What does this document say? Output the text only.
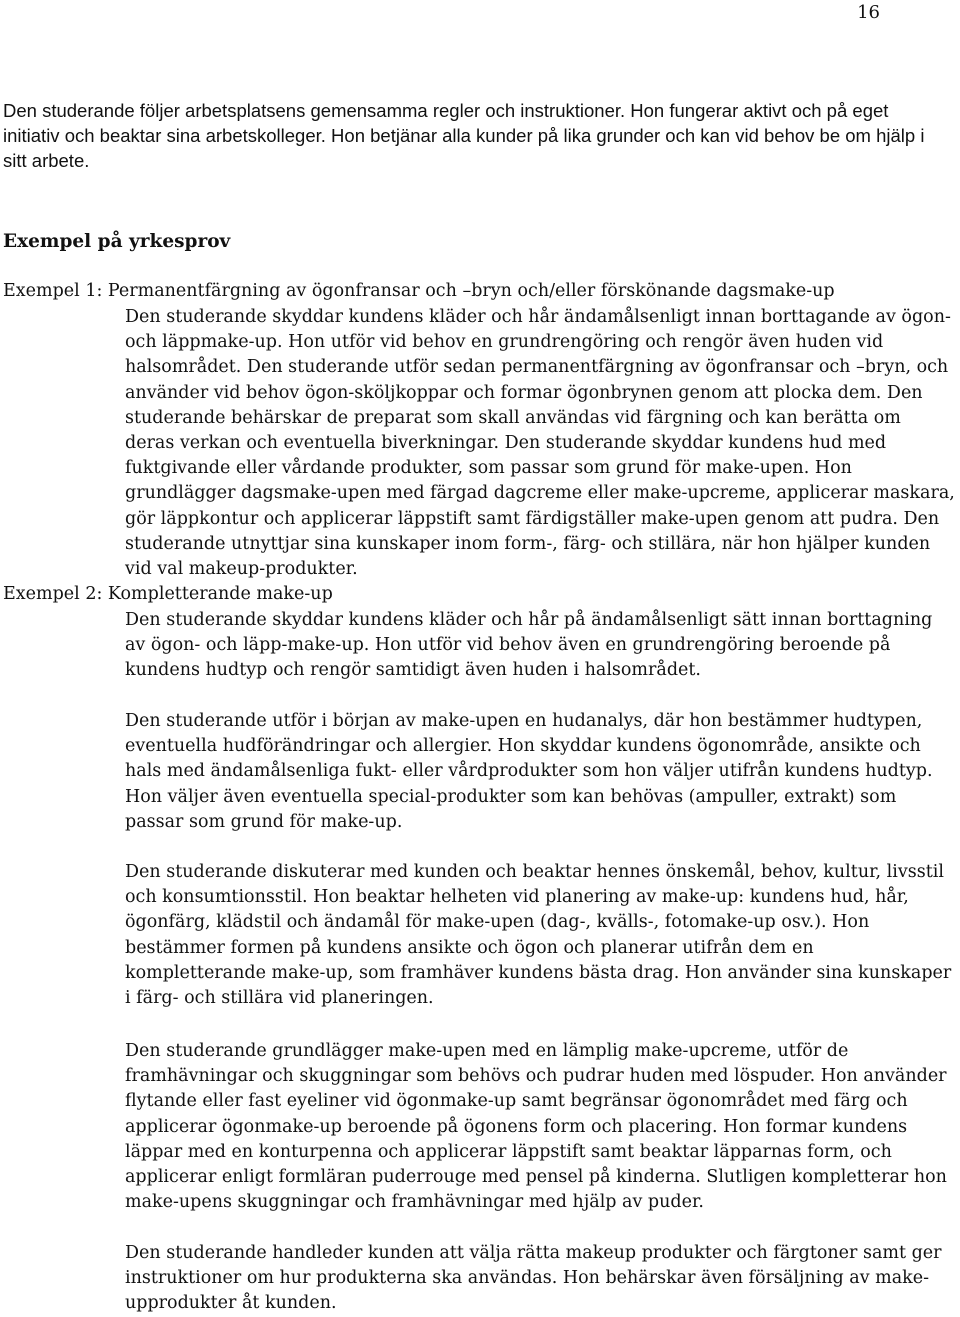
16

Den studerande följer arbetsplatsens gemensamma regler och instruktioner. Hon fungerar aktivt och på eget initiativ och beaktar sina arbetskolleger. Hon betjänar alla kunder på lika grunder och kan vid behov be om hjälp i sitt arbete.

Exempel på yrkesprov
Exempel 1: Permanentfärgning av ögonfransar och –bryn och/eller förskönande dagsmake-up

Den studerande skyddar kundens kläder och hår ändamålsenligt innan borttagande av ögon- och läppmake-up. Hon utför vid behov en grundrengöring och rengör även huden vid halsområdet. Den studerande utför sedan permanentfärgning av ögonfransar och –bryn, och använder vid behov ögon-sköljkoppar och formar ögonbrynen genom att plocka dem. Den studerande behärskar de preparat som skall användas vid färgning och kan berätta om deras verkan och eventuella biverkningar. Den studerande skyddar kundens hud med fuktgivande eller vårdande produkter, som passar som grund för make-upen. Hon grundlägger dagsmake-upen med färgad dagcreme eller make-upcreme, applicerar maskara, gör läppkontur och applicerar läppstift samt färdigställer make-upen genom att pudra. Den studerande utnyttjar sina kunskaper inom form-, färg- och stillära, när hon hjälper kunden vid val makeup-produkter.

Exempel 2: Kompletterande make-up

Den studerande skyddar kundens kläder och hår på ändamålsenligt sätt innan borttagning av ögon- och läpp-make-up. Hon utför vid behov även en grundrengöring beroende på kundens hudtyp och rengör samtidigt även huden i halsområdet.

Den studerande utför i början av make-upen en hudanalys, där hon bestämmer hudtypen, eventuella hudförändringar och allergier. Hon skyddar kundens ögonområde, ansikte och hals med ändamålsenliga fukt- eller vårdprodukter som hon väljer utifrån kundens hudtyp. Hon väljer även eventuella special-produkter som kan behövas (ampuller, extrakt) som passar som grund för make-up.

Den studerande diskuterar med kunden och beaktar hennes önskemål, behov, kultur, livsstil och konsumtionsstil. Hon beaktar helheten vid planering av make-up: kundens hud, hår, ögonfärg, klädstil och ändamål för make-upen (dag-, kvälls-, fotomake-up osv.). Hon bestämmer formen på kundens ansikte och ögon och planerar utifrån dem en kompletterande make-up, som framhäver kundens bästa drag. Hon använder sina kunskaper i färg- och stillära vid planeringen.

Den studerande grundlägger make-upen med en lämplig make-upcreme, utför de framhävningar och skuggningar som behövs och pudrar huden med löspuder. Hon använder flytande eller fast eyeliner vid ögonmake-up samt begränsar ögonområdet med färg och applicerar ögonmake-up beroende på ögonens form och placering. Hon formar kundens läppar med en konturpenna och applicerar läppstift samt beaktar läpparnas form, och applicerar enligt formläran puderrouge med pensel på kinderna. Slutligen kompletterar hon make-upens skuggningar och framhävningar med hjälp av puder.

Den studerande handleder kunden att välja rätta makeup produkter och färgtoner samt ger instruktioner om hur produkterna ska användas. Hon behärskar även försäljning av make-upprodukter åt kunden.
